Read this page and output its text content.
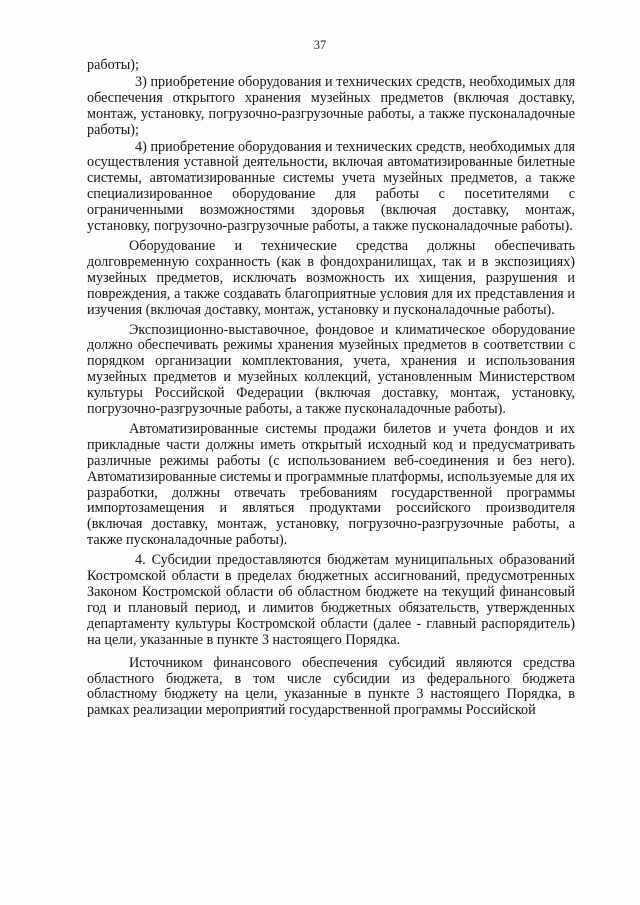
37

работы);

3) приобретение оборудования и технических средств, необходимых для обеспечения открытого хранения музейных предметов (включая доставку, монтаж, установку, погрузочно-разгрузочные работы, а также пусконаладочные работы);

4) приобретение оборудования и технических средств, необходимых для осуществления уставной деятельности, включая автоматизированные билетные системы, автоматизированные системы учета музейных предметов, а также специализированное оборудование для работы с посетителями с ограниченными возможностями здоровья (включая доставку, монтаж, установку, погрузочно-разгрузочные работы, а также пусконаладочные работы).

Оборудование и технические средства должны обеспечивать долговременную сохранность (как в фондохранилищах, так и в экспозициях) музейных предметов, исключать возможность их хищения, разрушения и повреждения, а также создавать благоприятные условия для их представления и изучения (включая доставку, монтаж, установку и пусконаладочные работы).

Экспозиционно-выставочное, фондовое и климатическое оборудование должно обеспечивать режимы хранения музейных предметов в соответствии с порядком организации комплектования, учета, хранения и использования музейных предметов и музейных коллекций, установленным Министерством культуры Российской Федерации (включая доставку, монтаж, установку, погрузочно-разгрузочные работы, а также пусконаладочные работы).

Автоматизированные системы продажи билетов и учета фондов и их прикладные части должны иметь открытый исходный код и предусматривать различные режимы работы (с использованием веб-соединения и без него). Автоматизированные системы и программные платформы, используемые для их разработки, должны отвечать требованиям государственной программы импортозамещения и являться продуктами российского производителя (включая доставку, монтаж, установку, погрузочно-разгрузочные работы, а также пусконаладочные работы).

4. Субсидии предоставляются бюджетам муниципальных образований Костромской области в пределах бюджетных ассигнований, предусмотренных Законом Костромской области об областном бюджете на текущий финансовый год и плановый период, и лимитов бюджетных обязательств, утвержденных департаменту культуры Костромской области (далее - главный распорядитель) на цели, указанные в пункте 3 настоящего Порядка.

Источником финансового обеспечения субсидий являются средства областного бюджета, в том числе субсидии из федерального бюджета областному бюджету на цели, указанные в пункте 3 настоящего Порядка, в рамках реализации мероприятий государственной программы Российской
